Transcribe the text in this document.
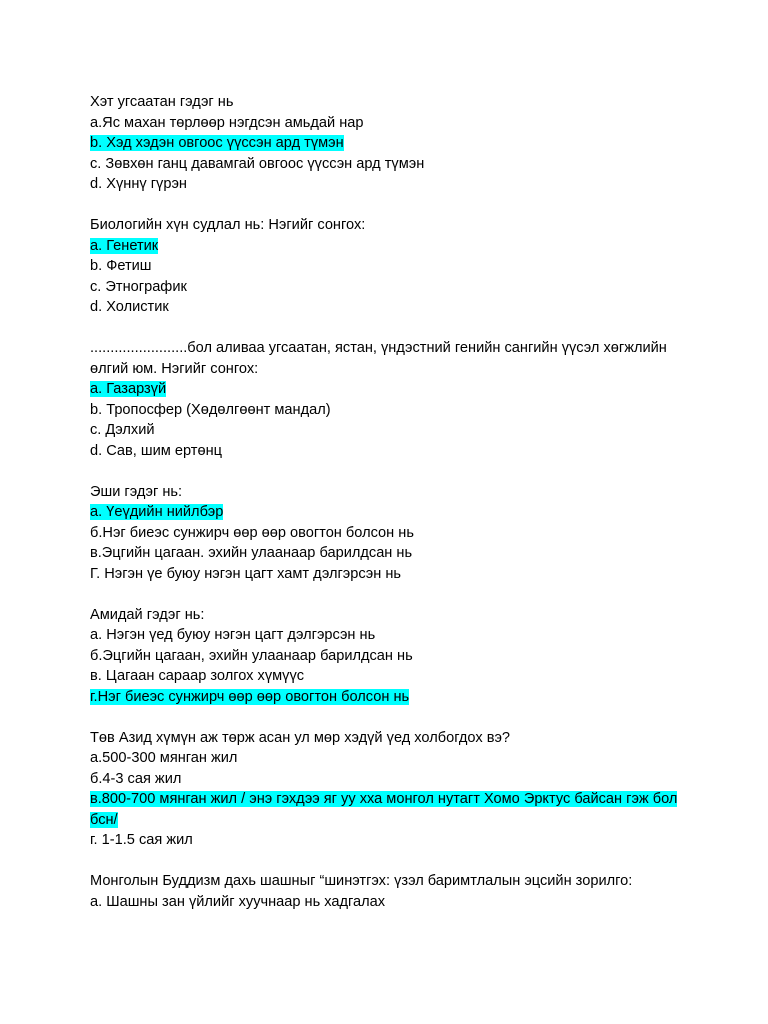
Хэт угсаатан гэдэг нь
a.Яс махан төрлөөр нэгдсэн амьдай нар
b. Хэд хэдэн овгоос үүссэн ард түмэн
c. Зөвхөн ганц давамгай овгоос үүссэн ард түмэн
d. Хүннү гүрэн
Биологийн хүн судлал нь: Нэгийг сонгох:
a. Генетик
b. Фетиш
c. Этнографик
d. Холистик
........................бол аливаа угсаатан, ястан, үндэстний генийн сангийн үүсэл хөгжлийн өлгий юм. Нэгийг сонгох:
a. Газарзүй
b. Тропосфер (Хөдөлгөөнт мандал)
c. Дэлхий
d. Сав, шим ертөнц
Эши гэдэг нь:
а. Үеүдийн нийлбэр
б.Нэг биеэс сунжирч өөр өөр овогтон болсон нь
в.Эцгийн цагаан. эхийн улаанаар барилдсан нь
Г. Нэгэн үе буюу нэгэн цагт хамт дэлгэрсэн нь
Амидай гэдэг нь:
а. Нэгэн үед буюу нэгэн цагт дэлгэрсэн нь
б.Эцгийн цагаан, эхийн улаанаар барилдсан нь
в. Цагаан сараар золгох хүмүүс
г.Нэг биеэс сунжирч өөр өөр овогтон болсон нь
Төв Азид хүмүн аж төрж асан ул мөр хэдүй үед холбогдох вэ?
а.500-300 мянган жил
б.4-3 сая жил
в.800-700 мянган жил / энэ гэхдээ яг уу хха монгол нутагт Хомо Эрктус байсан гэж бол бсн/
г. 1-1.5 сая жил
Монголын Буддизм дахь шашныг “шинэтгэх: үзэл баримтлалын эцсийн зорилго:
а. Шашны зан үйлийг хуучнаар нь хадгалах
